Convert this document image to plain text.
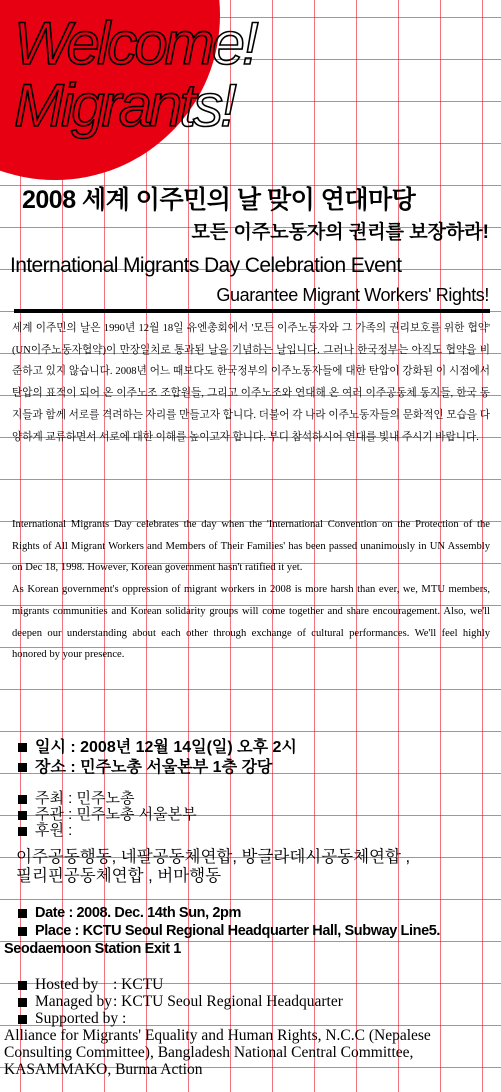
Welcome!
Migrants!
2008 세계 이주민의 날 맞이 연대마당
모든 이주노동자의 권리를 보장하라!
International Migrants Day Celebration Event
Guarantee Migrant Workers' Rights!

세계 이주민의 날은 1990년 12월 18일 유엔총회에서 '모든 이주노동자와 그 가족의 권리보호를 위한 협약' (UN이주노동자협약)이 만장일치로 통과된 날을 기념하는 날입니다. 그러나 한국정부는 아직도 협약을 비준하고 있지 않습니다. 2008년 어느 때보다도 한국정부의 이주노동자들에 대한 탄압이 강화된 이 시점에서 탄압의 표적이 되어 온 이주노조 조합원들, 그리고 이주노조와 연대해 온 여러 이주공동체 동지들, 한국 동지들과 함께 서로를 격려하는 자리를 만들고자 합니다. 더불어 각 나라 이주노동자들의 문화적인 모습을 다양하게 교류하면서 서로에 대한 이해를 높이고자 합니다. 부디 참석하시어 연대를 빛내 주시기 바랍니다.

International Migrants Day celebrates the day when the 'International Convention on the Protection of the Rights of All Migrant Workers and Members of Their Families' has been passed unanimously in UN Assembly on Dec 18, 1998. However, Korean government hasn't ratified it yet.

As Korean government's oppression of migrant workers in 2008 is more harsh than ever, we, MTU members, migrants communities and Korean solidarity groups will come together and share encouragement. Also, we'll deepen our understanding about each other through exchange of cultural performances. We'll feel highly honored by your presence.

일시 : 2008년 12월 14일(일) 오후 2시
장소 : 민주노총 서울본부 1층 강당
주최 : 민주노총
주관 : 민주노총 서울본부
후원 :
이주공동행동, 네팔공동체연합, 방글라데시공동체연합 ,
필리핀공동체연합 , 버마행동
Date : 2008. Dec. 14th Sun, 2pm
Place : KCTU Seoul Regional Headquarter Hall, Subway Line5. Seodaemoon Station Exit 1
Hosted by : KCTU
Managed by: KCTU Seoul Regional Headquarter
Supported by :
Alliance for Migrants' Equality and Human Rights, N.C.C (Nepalese Consulting Committee), Bangladesh National Central Committee, KASAMMAKO, Burma Action
